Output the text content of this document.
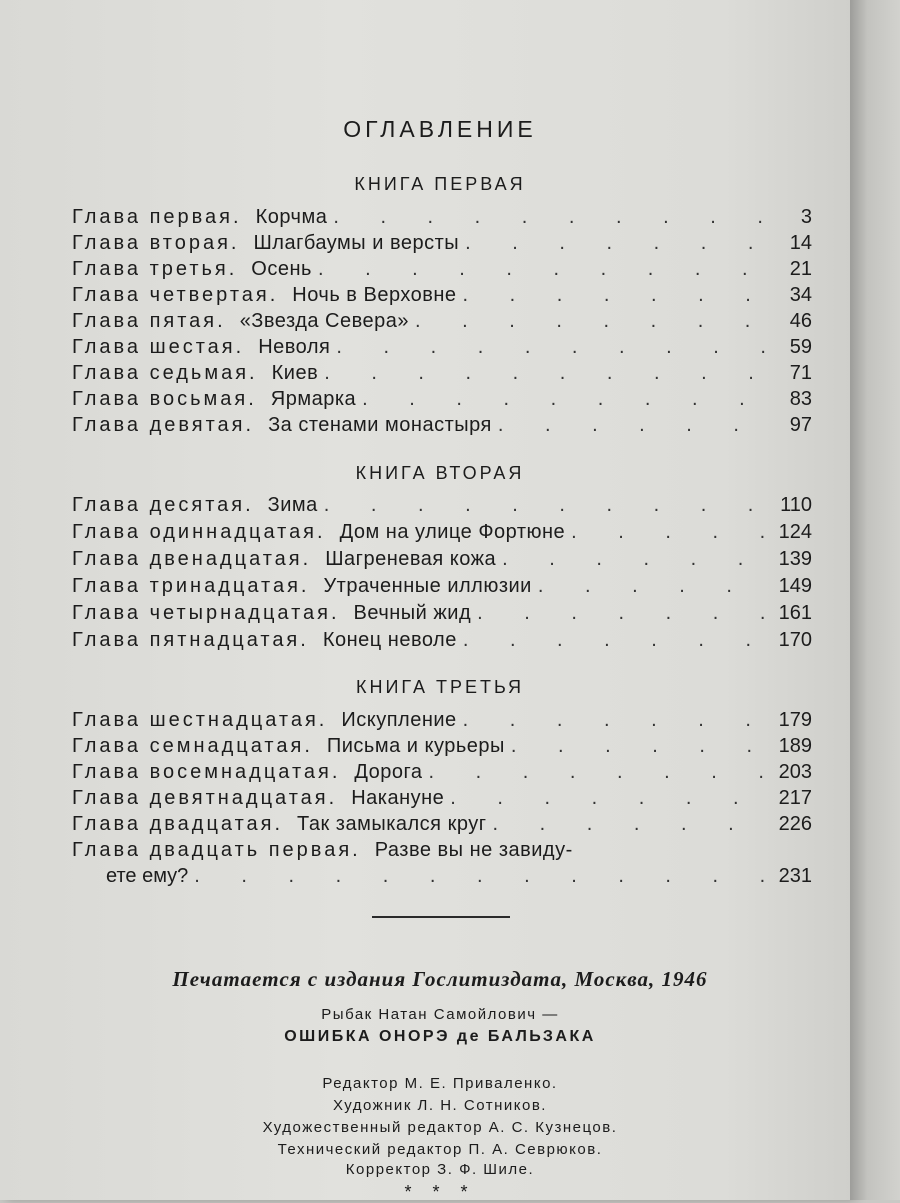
ОГЛАВЛЕНИЕ
КНИГА ПЕРВАЯ
Глава первая. Корчма . . .	3
Глава вторая. Шлагбаумы и версты . . .	14
Глава третья. Осень . . .	21
Глава четвертая. Ночь в Верховне . . .	34
Глава пятая. «Звезда Севера» . . .	46
Глава шестая. Неволя . . .	59
Глава седьмая. Киев . . .	71
Глава восьмая. Ярмарка . . .	83
Глава девятая. За стенами монастыря . . .	97
КНИГА ВТОРАЯ
Глава десятая. Зима . . .	110
Глава одиннадцатая. Дом на улице Фортюне . . .	124
Глава двенадцатая. Шагреневая кожа . . .	139
Глава тринадцатая. Утраченные иллюзии . . .	149
Глава четырнадцатая. Вечный жид . . .	161
Глава пятнадцатая. Конец неволе . . .	170
КНИГА ТРЕТЬЯ
Глава шестнадцатая. Искупление . . .	179
Глава семнадцатая. Письма и курьеры . . .	189
Глава восемнадцатая. Дорога . . .	203
Глава девятнадцатая. Накануне . . .	217
Глава двадцатая. Так замыкался круг . . .	226
Глава двадцать первая. Разве вы не завиду-
ете ему? . . .	231
Печатается с издания Гослитиздата, Москва, 1946
Рыбак Натан Самойлович —
ОШИБКА ОНОРЭ де БАЛЬЗАКА
Редактор М. Е. Приваленко.
Художник Л. Н. Сотников.
Художественный редактор А. С. Кузнецов.
Технический редактор П. А. Севрюков.
Корректор З. Ф. Шиле.
* * *
